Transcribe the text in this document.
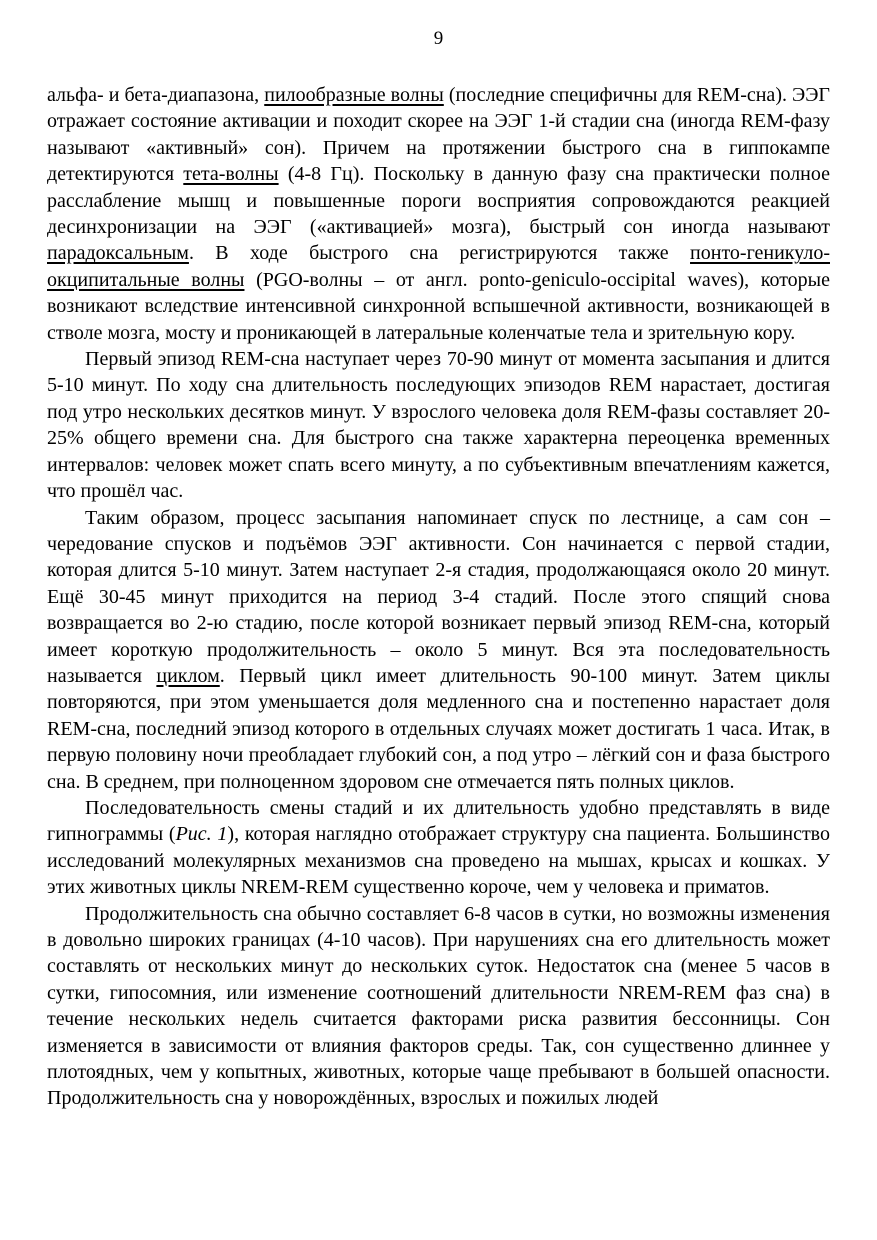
9

альфа- и бета-диапазона, пилообразные волны (последние специфичны для REM-сна). ЭЭГ отражает состояние активации и походит скорее на ЭЭГ 1-й стадии сна (иногда REM-фазу называют «активный» сон). Причем на протяжении быстрого сна в гиппокампе детектируются тета-волны (4-8 Гц). Поскольку в данную фазу сна практически полное расслабление мышц и повышенные пороги восприятия сопровождаются реакцией десинхронизации на ЭЭГ («активацией» мозга), быстрый сон иногда называют парадоксальным. В ходе быстрого сна регистрируются также понто-геникуло-окципитальные волны (PGO-волны – от англ. ponto-geniculo-occipital waves), которые возникают вследствие интенсивной синхронной вспышечной активности, возникающей в стволе мозга, мосту и проникающей в латеральные коленчатые тела и зрительную кору.

Первый эпизод REM-сна наступает через 70-90 минут от момента засыпания и длится 5-10 минут. По ходу сна длительность последующих эпизодов REM нарастает, достигая под утро нескольких десятков минут. У взрослого человека доля REM-фазы составляет 20-25% общего времени сна. Для быстрого сна также характерна переоценка временных интервалов: человек может спать всего минуту, а по субъективным впечатлениям кажется, что прошёл час.

Таким образом, процесс засыпания напоминает спуск по лестнице, а сам сон – чередование спусков и подъёмов ЭЭГ активности. Сон начинается с первой стадии, которая длится 5-10 минут. Затем наступает 2-я стадия, продолжающаяся около 20 минут. Ещё 30-45 минут приходится на период 3-4 стадий. После этого спящий снова возвращается во 2-ю стадию, после которой возникает первый эпизод REM-сна, который имеет короткую продолжительность – около 5 минут. Вся эта последовательность называется циклом. Первый цикл имеет длительность 90-100 минут. Затем циклы повторяются, при этом уменьшается доля медленного сна и постепенно нарастает доля REM-сна, последний эпизод которого в отдельных случаях может достигать 1 часа. Итак, в первую половину ночи преобладает глубокий сон, а под утро – лёгкий сон и фаза быстрого сна. В среднем, при полноценном здоровом сне отмечается пять полных циклов.

Последовательность смены стадий и их длительность удобно представлять в виде гипнограммы (Рис. 1), которая наглядно отображает структуру сна пациента. Большинство исследований молекулярных механизмов сна проведено на мышах, крысах и кошках. У этих животных циклы NREM-REM существенно короче, чем у человека и приматов.

Продолжительность сна обычно составляет 6-8 часов в сутки, но возможны изменения в довольно широких границах (4-10 часов). При нарушениях сна его длительность может составлять от нескольких минут до нескольких суток. Недостаток сна (менее 5 часов в сутки, гипосомния, или изменение соотношений длительности NREM-REM фаз сна) в течение нескольких недель считается факторами риска развития бессонницы. Сон изменяется в зависимости от влияния факторов среды. Так, сон существенно длиннее у плотоядных, чем у копытных, животных, которые чаще пребывают в большей опасности. Продолжительность сна у новорождённых, взрослых и пожилых людей
